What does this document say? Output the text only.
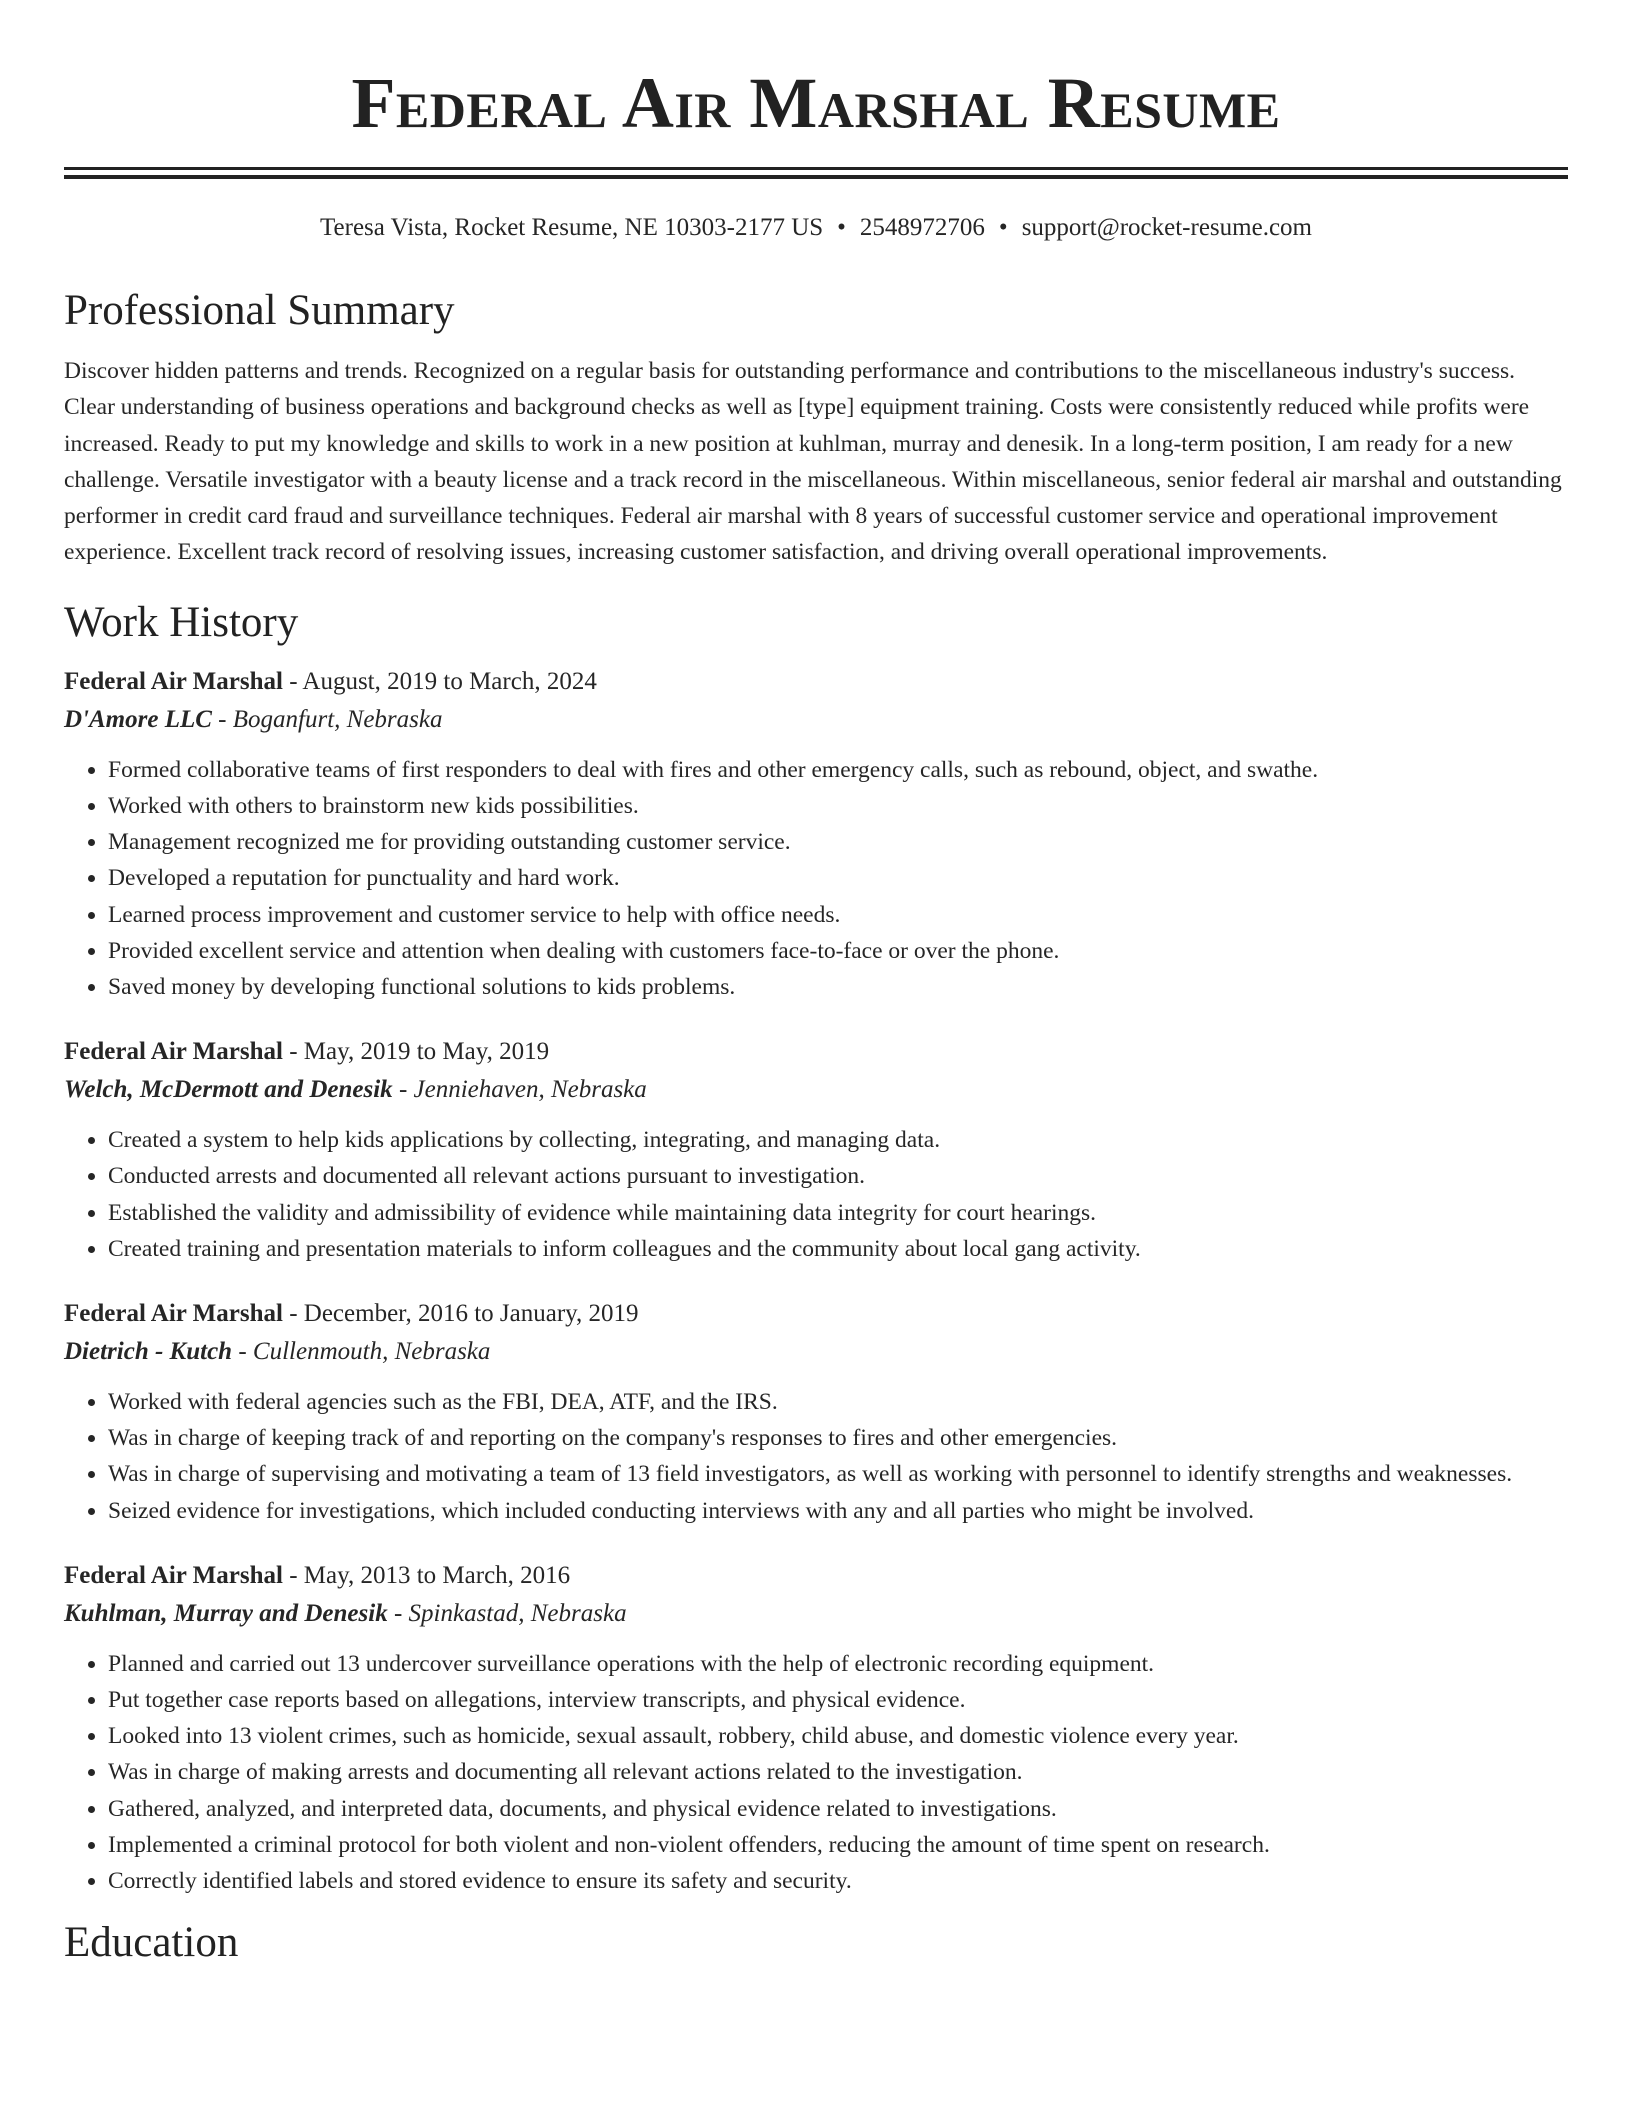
Federal Air Marshal Resume
Teresa Vista, Rocket Resume, NE 10303-2177 US • 2548972706 • support@rocket-resume.com
Professional Summary
Discover hidden patterns and trends. Recognized on a regular basis for outstanding performance and contributions to the miscellaneous industry's success. Clear understanding of business operations and background checks as well as [type] equipment training. Costs were consistently reduced while profits were increased. Ready to put my knowledge and skills to work in a new position at kuhlman, murray and denesik. In a long-term position, I am ready for a new challenge. Versatile investigator with a beauty license and a track record in the miscellaneous. Within miscellaneous, senior federal air marshal and outstanding performer in credit card fraud and surveillance techniques. Federal air marshal with 8 years of successful customer service and operational improvement experience. Excellent track record of resolving issues, increasing customer satisfaction, and driving overall operational improvements.
Work History
Federal Air Marshal - August, 2019 to March, 2024
D'Amore LLC - Boganfurt, Nebraska
• Formed collaborative teams of first responders to deal with fires and other emergency calls, such as rebound, object, and swathe.
• Worked with others to brainstorm new kids possibilities.
• Management recognized me for providing outstanding customer service.
• Developed a reputation for punctuality and hard work.
• Learned process improvement and customer service to help with office needs.
• Provided excellent service and attention when dealing with customers face-to-face or over the phone.
• Saved money by developing functional solutions to kids problems.
Federal Air Marshal - May, 2019 to May, 2019
Welch, McDermott and Denesik - Jenniehaven, Nebraska
• Created a system to help kids applications by collecting, integrating, and managing data.
• Conducted arrests and documented all relevant actions pursuant to investigation.
• Established the validity and admissibility of evidence while maintaining data integrity for court hearings.
• Created training and presentation materials to inform colleagues and the community about local gang activity.
Federal Air Marshal - December, 2016 to January, 2019
Dietrich - Kutch - Cullenmouth, Nebraska
• Worked with federal agencies such as the FBI, DEA, ATF, and the IRS.
• Was in charge of keeping track of and reporting on the company's responses to fires and other emergencies.
• Was in charge of supervising and motivating a team of 13 field investigators, as well as working with personnel to identify strengths and weaknesses.
• Seized evidence for investigations, which included conducting interviews with any and all parties who might be involved.
Federal Air Marshal - May, 2013 to March, 2016
Kuhlman, Murray and Denesik - Spinkastad, Nebraska
• Planned and carried out 13 undercover surveillance operations with the help of electronic recording equipment.
• Put together case reports based on allegations, interview transcripts, and physical evidence.
• Looked into 13 violent crimes, such as homicide, sexual assault, robbery, child abuse, and domestic violence every year.
• Was in charge of making arrests and documenting all relevant actions related to the investigation.
• Gathered, analyzed, and interpreted data, documents, and physical evidence related to investigations.
• Implemented a criminal protocol for both violent and non-violent offenders, reducing the amount of time spent on research.
• Correctly identified labels and stored evidence to ensure its safety and security.
Education
